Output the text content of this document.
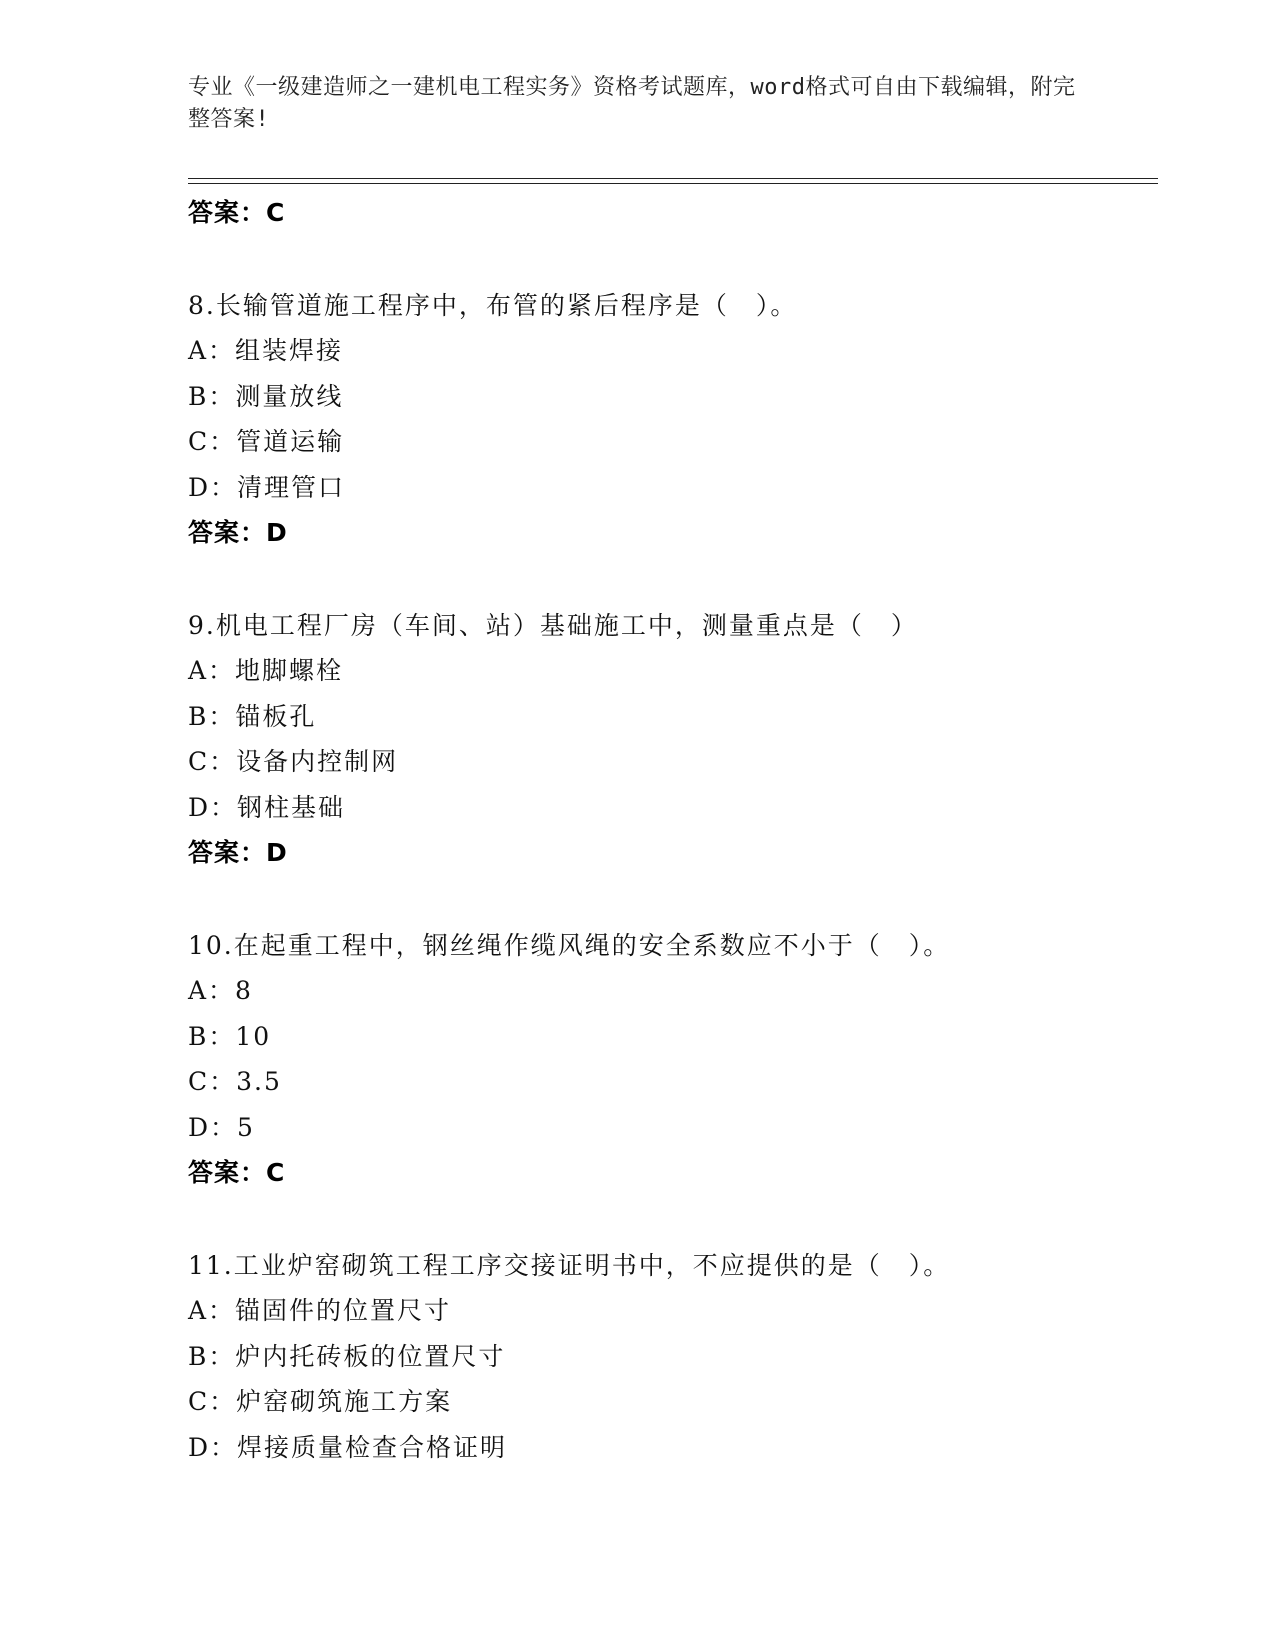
专业《一级建造师之一建机电工程实务》资格考试题库，word格式可自由下载编辑，附完整答案!
答案：C
8.长输管道施工程序中，布管的紧后程序是（　）。
A：组装焊接
B：测量放线
C：管道运输
D：清理管口
答案：D
9.机电工程厂房（车间、站）基础施工中，测量重点是（　）
A：地脚螺栓
B：锚板孔
C：设备内控制网
D：钢柱基础
答案：D
10.在起重工程中，钢丝绳作缆风绳的安全系数应不小于（　）。
A：8
B：10
C：3.5
D：5
答案：C
11.工业炉窑砌筑工程工序交接证明书中，不应提供的是（　）。
A：锚固件的位置尺寸
B：炉内托砖板的位置尺寸
C：炉窑砌筑施工方案
D：焊接质量检查合格证明
